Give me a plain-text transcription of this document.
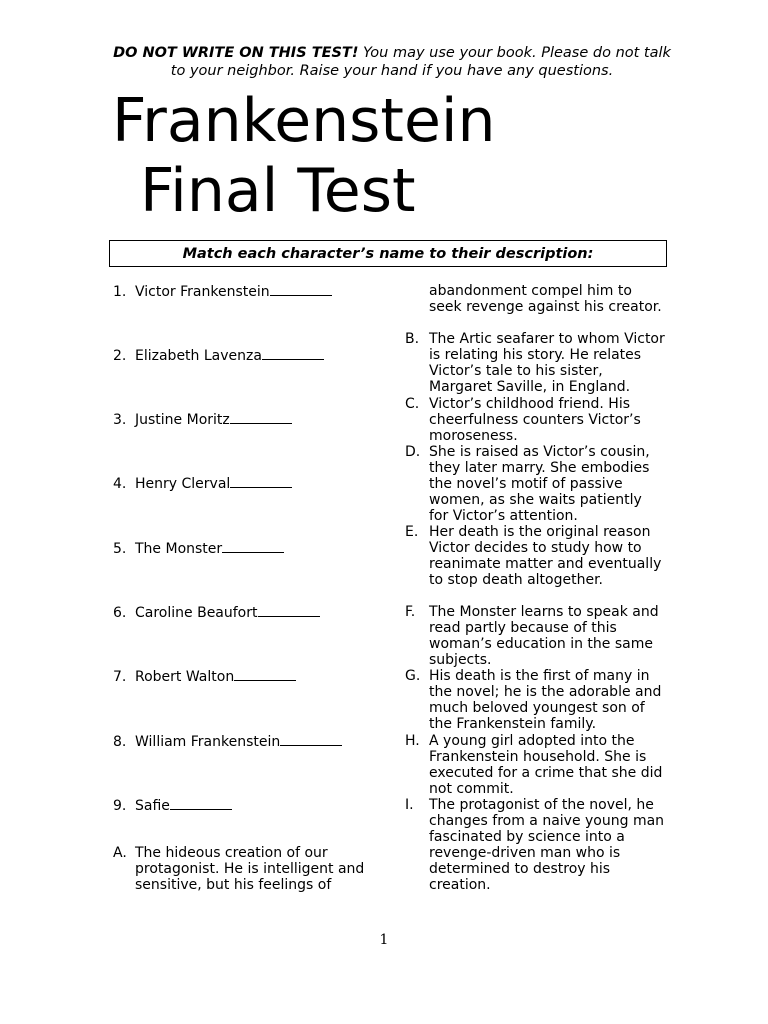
DO NOT WRITE ON THIS TEST! You may use your book. Please do not talk to your neighbor. Raise your hand if you have any questions.
Frankenstein
Final Test
Match each character’s name to their description:
1. Victor Frankenstein
2. Elizabeth Lavenza
3. Justine Moritz
4. Henry Clerval
5. The Monster
6. Caroline Beaufort
7. Robert Walton
8. William Frankenstein
9. Safie
A. The hideous creation of our protagonist. He is intelligent and sensitive, but his feelings of
abandonment compel him to seek revenge against his creator.
B. The Artic seafarer to whom Victor is relating his story. He relates Victor’s tale to his sister, Margaret Saville, in England.
C. Victor’s childhood friend. His cheerfulness counters Victor’s moroseness.
D. She is raised as Victor’s cousin, they later marry. She embodies the novel’s motif of passive women, as she waits patiently for Victor’s attention.
E. Her death is the original reason Victor decides to study how to reanimate matter and eventually to stop death altogether.
F. The Monster learns to speak and read partly because of this woman’s education in the same subjects.
G. His death is the first of many in the novel; he is the adorable and much beloved youngest son of the Frankenstein family.
H. A young girl adopted into the Frankenstein household. She is executed for a crime that she did not commit.
I. The protagonist of the novel, he changes from a naive young man fascinated by science into a revenge-driven man who is determined to destroy his creation.
1
